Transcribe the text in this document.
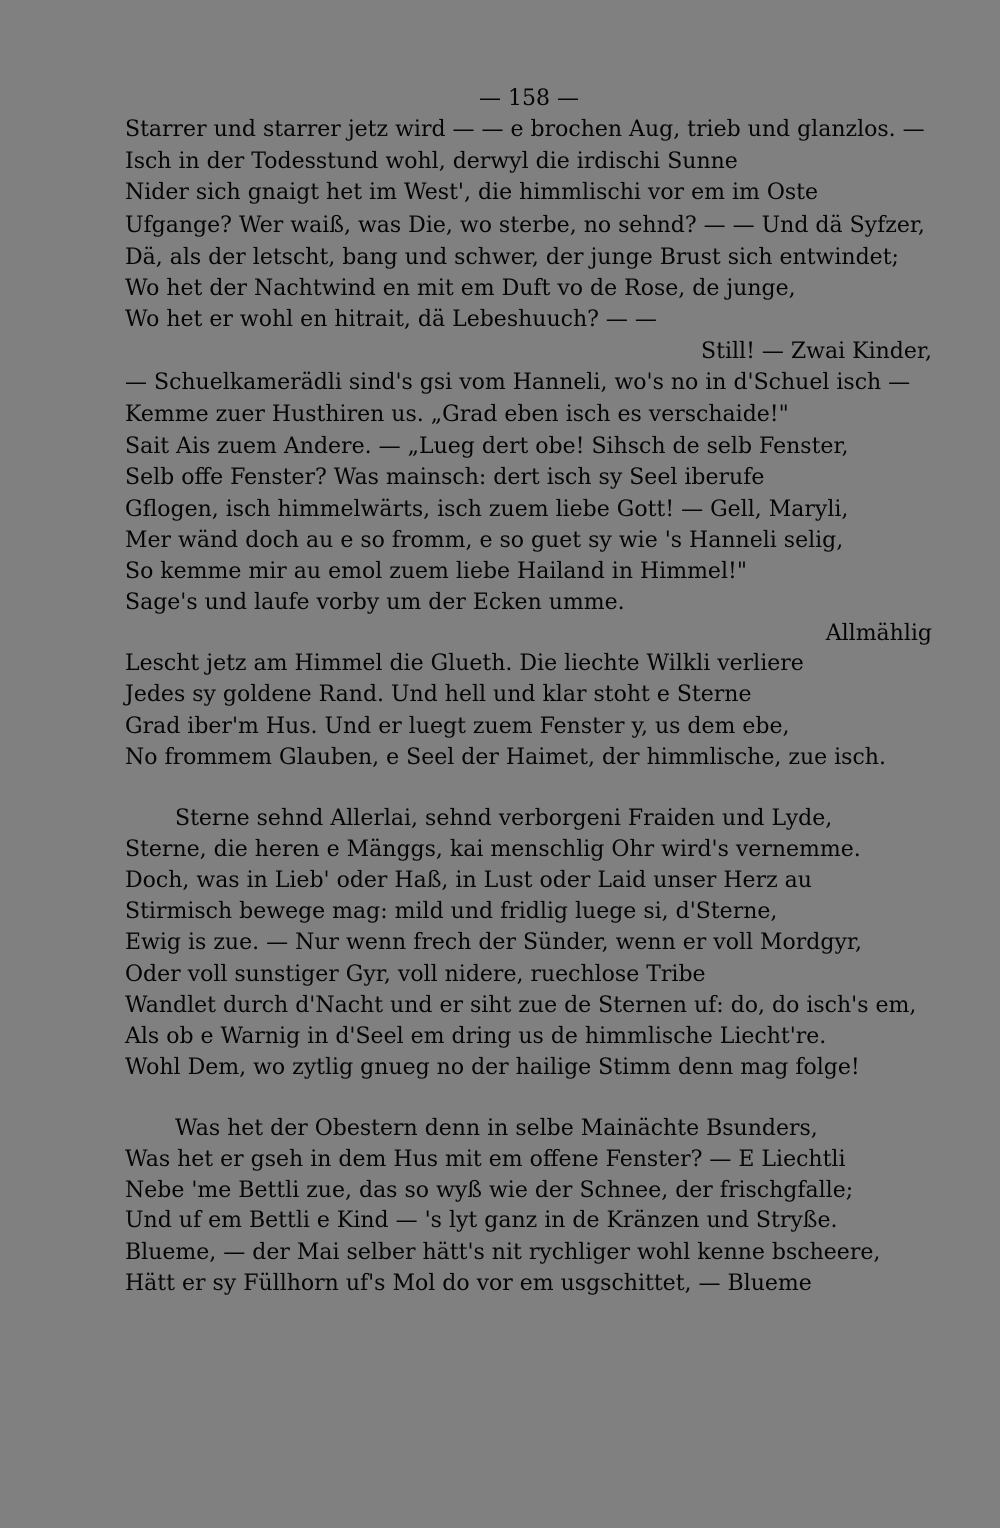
— 158 —
Starrer und starrer jetz wird — — e brochen Aug, trieb und glanzlos. —
Isch in der Todesstund wohl, derwyl die irdischi Sunne
Nider sich gnaigt het im West', die himmlischi vor em im Oste
Ufgange? Wer waiß, was Die, wo sterbe, no sehnd? — — Und dä Syfzer,
Dä, als der letscht, bang und schwer, der junge Brust sich entwindet;
Wo het der Nachtwind en mit em Duft vo de Rose, de junge,
Wo het er wohl en hitrait, dä Lebeshuuch? — —
Still! — Zwai Kinder,
— Schuelkamerädli sind's gsi vom Hanneli, wo's no in d'Schuel isch —
Kemme zuer Husthiren us. „Grad eben isch es verschaide!"
Sait Ais zuem Andere. — „Lueg dert obe! Sihsch de selb Fenster,
Selb offe Fenster? Was mainsch: dert isch sy Seel iberufe
Gflogen, isch himmelwärts, isch zuem liebe Gott! — Gell, Maryli,
Mer wänd doch au e so fromm, e so guet sy wie 's Hanneli selig,
So kemme mir au emol zuem liebe Hailand in Himmel!"
Sage's und laufe vorby um der Ecken umme.
Allmählig
Lescht jetz am Himmel die Glueth. Die liechte Wilkli verliere
Jedes sy goldene Rand. Und hell und klar stoht e Sterne
Grad iber'm Hus. Und er luegt zuem Fenster y, us dem ebe,
No frommem Glauben, e Seel der Haimet, der himmlische, zue isch.
Sterne sehnd Allerlai, sehnd verborgeni Fraiden und Lyde,
Sterne, die heren e Mänggs, kai menschlig Ohr wird's vernemme.
Doch, was in Lieb' oder Haß, in Lust oder Laid unser Herz au
Stirmisch bewege mag: mild und fridlig luege si, d'Sterne,
Ewig is zue. — Nur wenn frech der Sünder, wenn er voll Mordgyr,
Oder voll sunstiger Gyr, voll nidere, ruechlose Tribe
Wandlet durch d'Nacht und er siht zue de Sternen uf: do, do isch's em,
Als ob e Warnig in d'Seel em dring us de himmlische Liecht're.
Wohl Dem, wo zytlig gnueg no der hailige Stimm denn mag folge!
Was het der Obestern denn in selbe Mainächte Bsunders,
Was het er gseh in dem Hus mit em offene Fenster? — E Liechtli
Nebe 'me Bettli zue, das so wyß wie der Schnee, der frischgfalle;
Und uf em Bettli e Kind — 's lyt ganz in de Kränzen und Stryße.
Blueme, — der Mai selber hätt's nit rychliger wohl kenne bscheere,
Hätt er sy Füllhorn uf's Mol do vor em usgschittet, — Blueme
